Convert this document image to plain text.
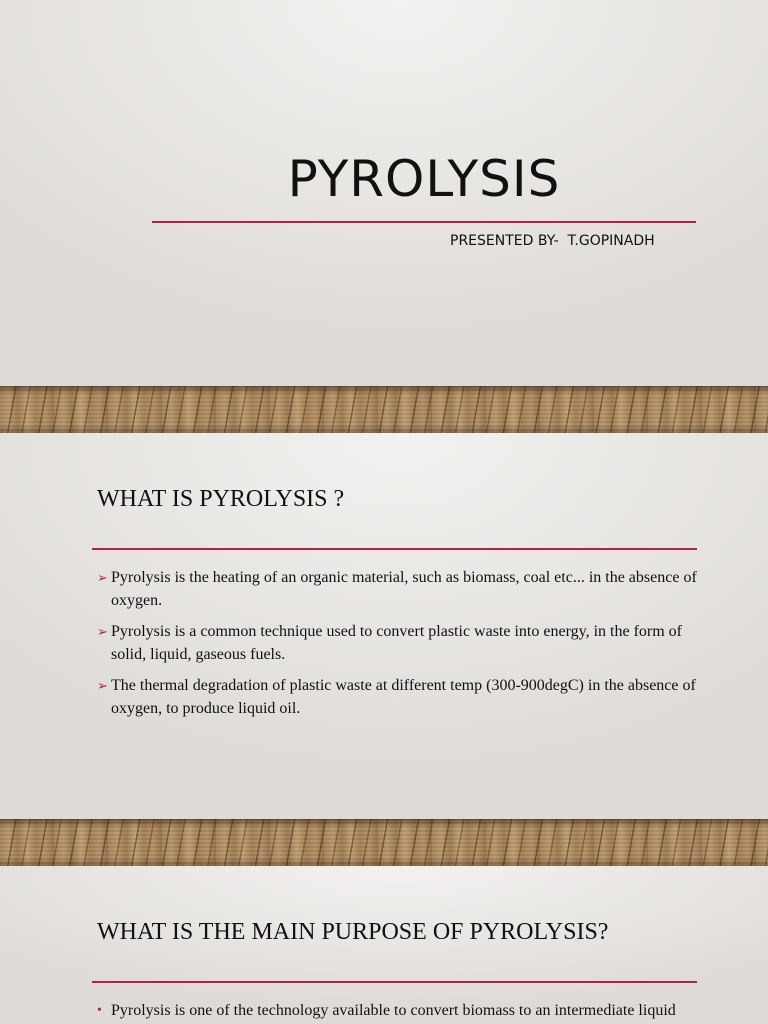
PYROLYSIS
PRESENTED BY-  T.GOPINADH
WHAT IS PYROLYSIS ?
➢ Pyrolysis is the heating of an organic material, such as biomass, coal etc... in the absence of oxygen.
➢ Pyrolysis is a common technique used to convert plastic waste into energy, in the form of solid, liquid, gaseous fuels.
➢ The thermal degradation of plastic waste at different temp (300-900degC) in the absence of oxygen, to produce liquid oil.
WHAT IS THE MAIN PURPOSE OF PYROLYSIS?
• Pyrolysis is one of the technology available to convert biomass to an intermediate liquid
